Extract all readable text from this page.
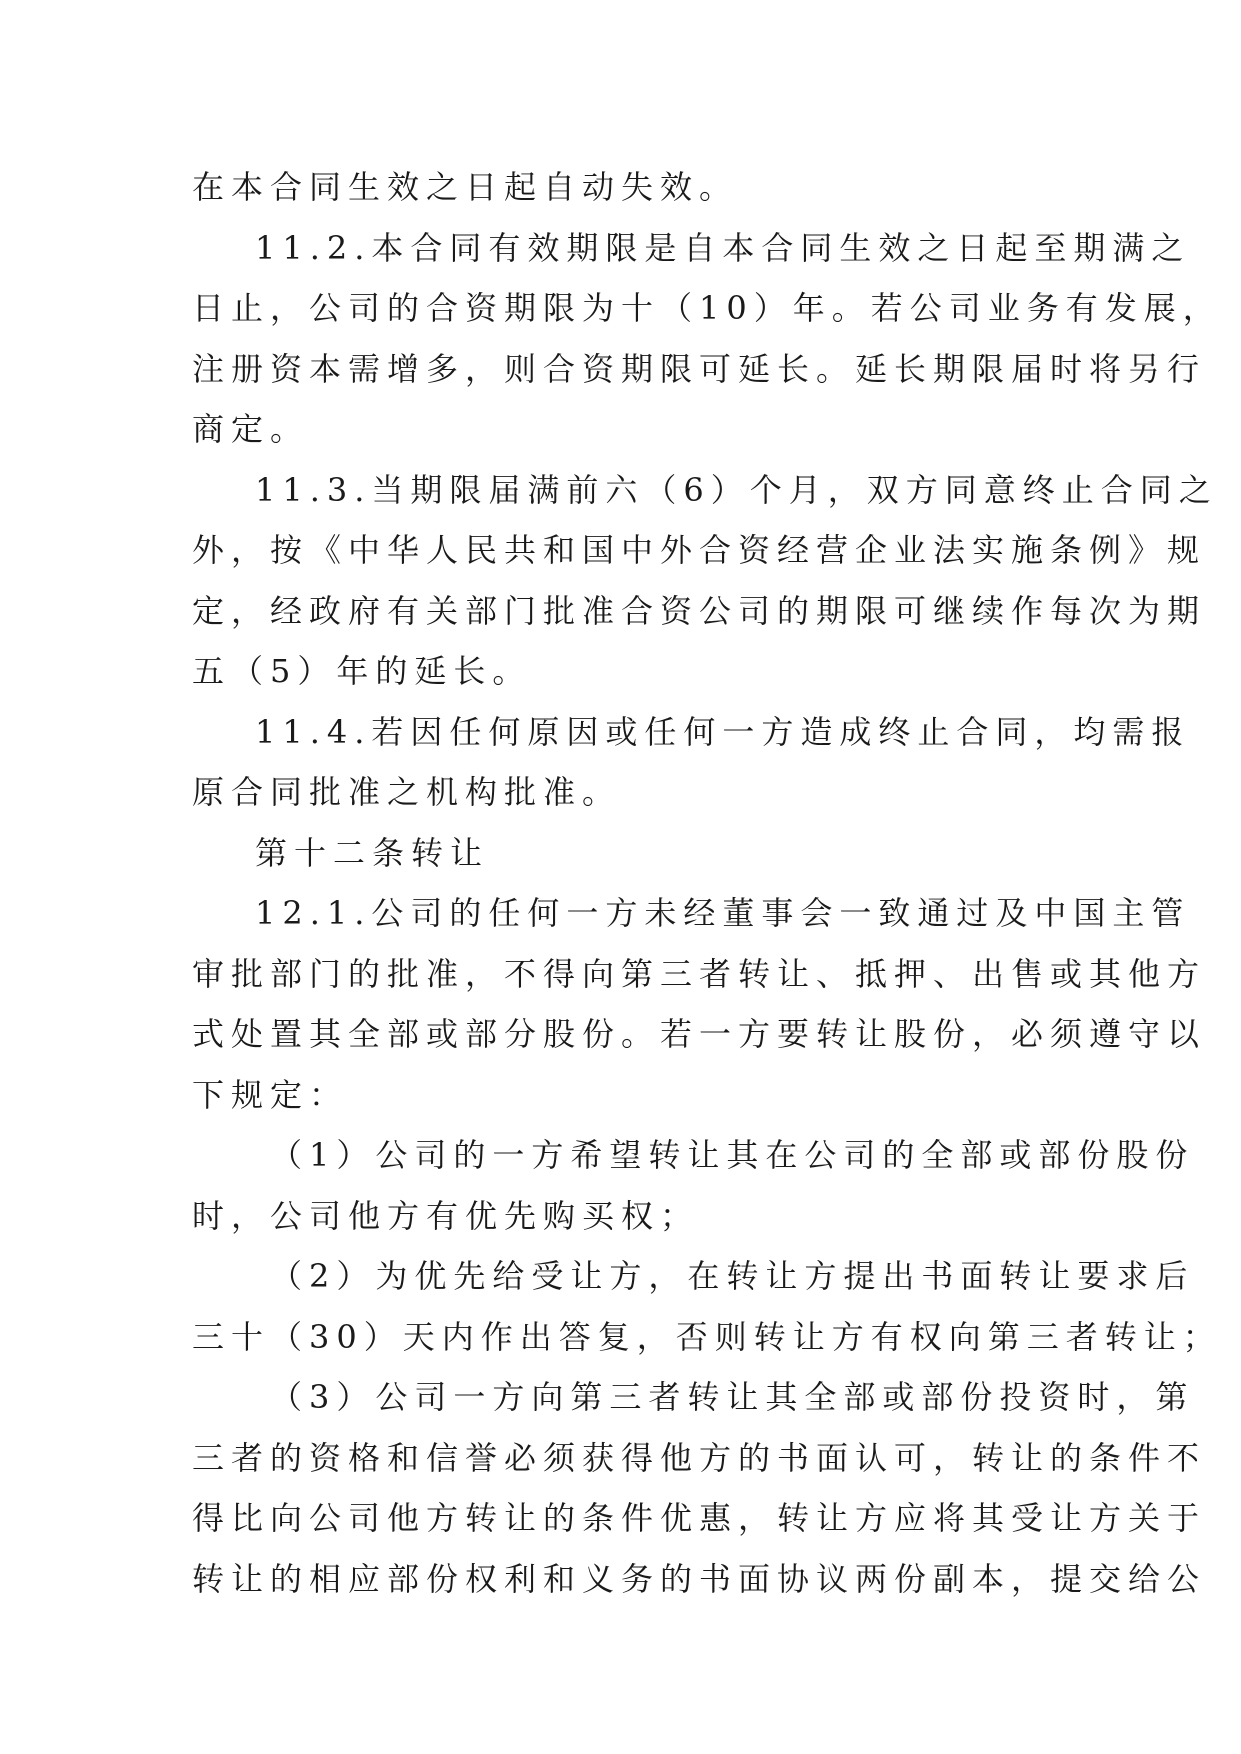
在本合同生效之日起自动失效。
11.2.本合同有效期限是自本合同生效之日起至期满之
日止，公司的合资期限为十（10）年。若公司业务有发展，
注册资本需增多，则合资期限可延长。延长期限届时将另行
商定。
11.3.当期限届满前六（6）个月，双方同意终止合同之
外，按《中华人民共和国中外合资经营企业法实施条例》规
定，经政府有关部门批准合资公司的期限可继续作每次为期
五（5）年的延长。
11.4.若因任何原因或任何一方造成终止合同，均需报
原合同批准之机构批准。
第十二条转让
12.1.公司的任何一方未经董事会一致通过及中国主管
审批部门的批准，不得向第三者转让、抵押、出售或其他方
式处置其全部或部分股份。若一方要转让股份，必须遵守以
下规定：
（1）公司的一方希望转让其在公司的全部或部份股份
时，公司他方有优先购买权；
（2）为优先给受让方，在转让方提出书面转让要求后
三十（30）天内作出答复，否则转让方有权向第三者转让；
（3）公司一方向第三者转让其全部或部份投资时，第
三者的资格和信誉必须获得他方的书面认可，转让的条件不
得比向公司他方转让的条件优惠，转让方应将其受让方关于
转让的相应部份权利和义务的书面协议两份副本，提交给公
